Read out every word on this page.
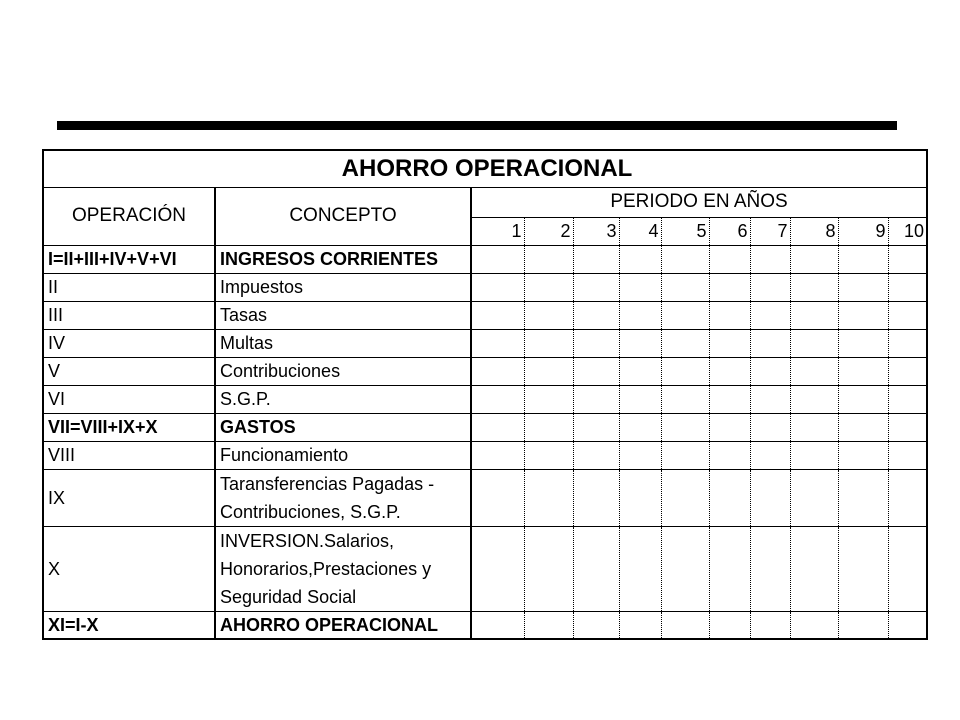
AHORRO OPERACIONAL											
OPERACIÓN	CONCEPTO	PERIODO EN AÑOS									
		1	2	3	4	5	6	7	8	9	10
I=II+III+IV+V+VI	INGRESOS CORRIENTES										
II	Impuestos										
III	Tasas										
IV	Multas										
V	Contribuciones										
VI	S.G.P.										
VII=VIII+IX+X	GASTOS										
VIII	Funcionamiento										
IX	Taransferencias Pagadas - Contribuciones, S.G.P.										
X	INVERSION.Salarios, Honorarios,Prestaciones y Seguridad Social										
XI=I-X	AHORRO OPERACIONAL										
